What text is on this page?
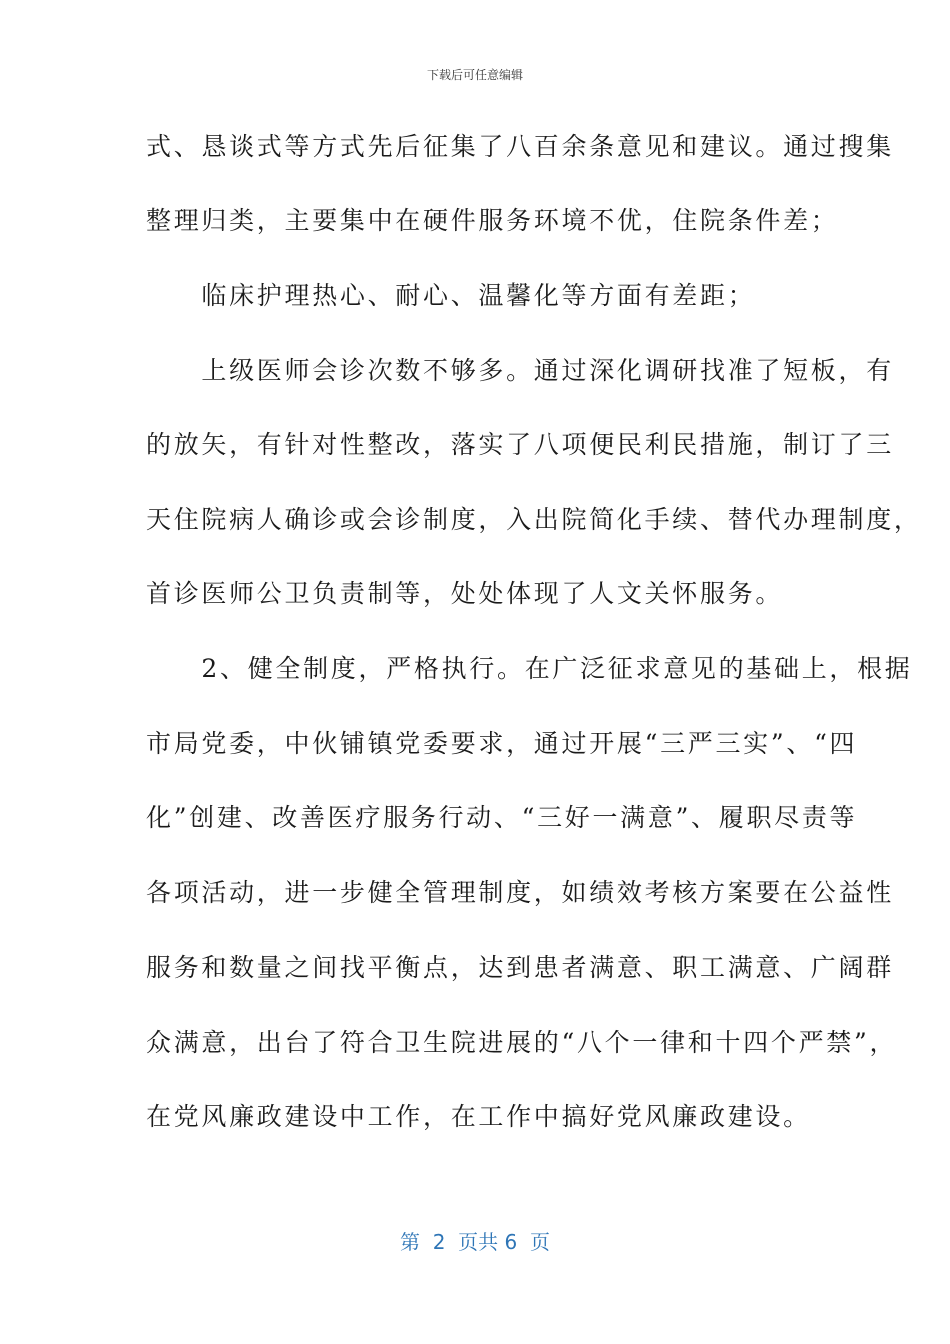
下载后可任意编辑
式、恳谈式等方式先后征集了八百余条意见和建议。通过搜集
整理归类，主要集中在硬件服务环境不优，住院条件差；
　　临床护理热心、耐心、温馨化等方面有差距；
　　上级医师会诊次数不够多。通过深化调研找准了短板，有
的放矢，有针对性整改，落实了八项便民利民措施，制订了三
天住院病人确诊或会诊制度，入出院简化手续、替代办理制度，
首诊医师公卫负责制等，处处体现了人文关怀服务。
　　2、健全制度，严格执行。在广泛征求意见的基础上，根据
市局党委，中伙铺镇党委要求，通过开展“三严三实”、“四
化”创建、改善医疗服务行动、“三好一满意”、履职尽责等
各项活动，进一步健全管理制度，如绩效考核方案要在公益性
服务和数量之间找平衡点，达到患者满意、职工满意、广阔群
众满意，出台了符合卫生院进展的“八个一律和十四个严禁”，
在党风廉政建设中工作，在工作中搞好党风廉政建设。
第  2  页共 6  页
